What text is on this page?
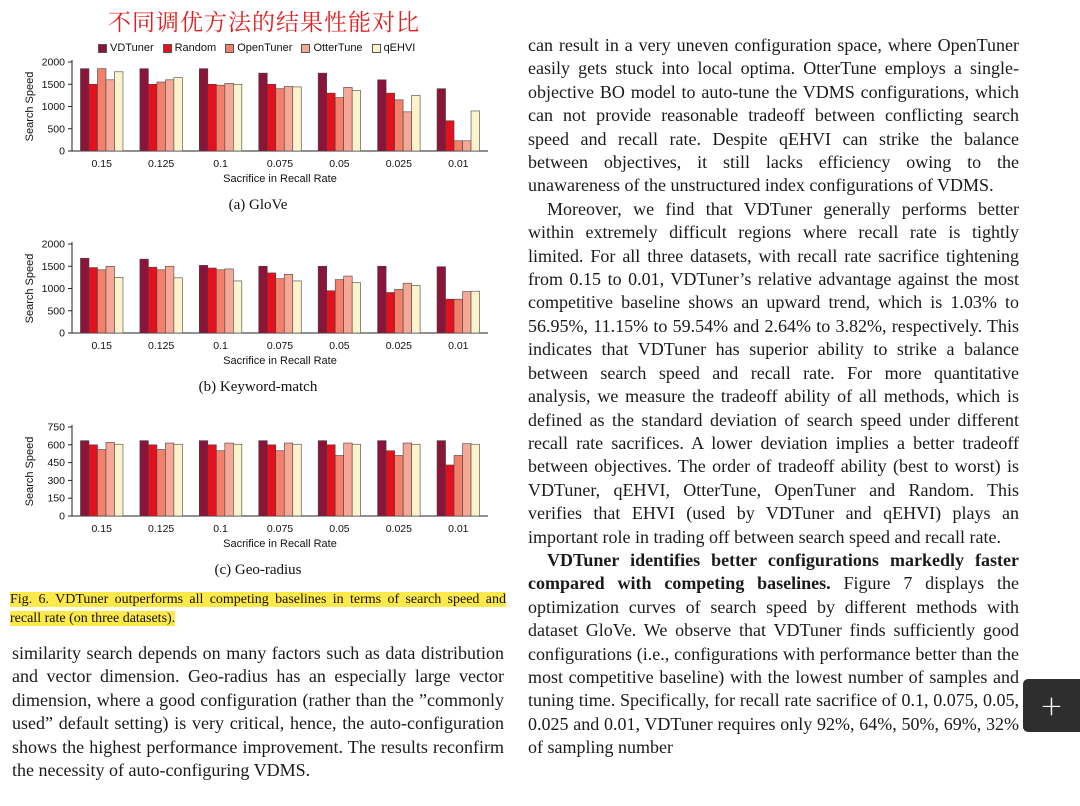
不同调优方法的结果性能对比
VDTuner Random OpenTuner OtterTune qEHVI
0
500
1000
1500
2000
0.15	0.125	0.1	0.075	0.05	0.025	0.01
Sacrifice in Recall Rate
Search Speed
(a) GloVe
0
500
1000
1500
2000
0.15	0.125	0.1	0.075	0.05	0.025	0.01
Sacrifice in Recall Rate
Search Speed
(b) Keyword-match
0
150
300
450
600
750
0.15	0.125	0.1	0.075	0.05	0.025	0.01
Sacrifice in Recall Rate
Search Speed
(c) Geo-radius
Fig. 6. VDTuner outperforms all competing baselines in terms of search speed and recall rate (on three datasets).

similarity search depends on many factors such as data distribution and vector dimension. Geo-radius has an especially large vector dimension, where a good configuration (rather than the ”commonly used” default setting) is very critical, hence, the auto-configuration shows the highest performance improvement. The results reconfirm the necessity of auto-configuring VDMS.

can result in a very uneven configuration space, where OpenTuner easily gets stuck into local optima. OtterTune employs a single-objective BO model to auto-tune the VDMS configurations, which can not provide reasonable tradeoff between conflicting search speed and recall rate. Despite qEHVI can strike the balance between objectives, it still lacks efficiency owing to the unawareness of the unstructured index configurations of VDMS.

Moreover, we find that VDTuner generally performs better within extremely difficult regions where recall rate is tightly limited. For all three datasets, with recall rate sacrifice tightening from 0.15 to 0.01, VDTuner’s relative advantage against the most competitive baseline shows an upward trend, which is 1.03% to 56.95%, 11.15% to 59.54% and 2.64% to 3.82%, respectively. This indicates that VDTuner has superior ability to strike a balance between search speed and recall rate. For more quantitative analysis, we measure the tradeoff ability of all methods, which is defined as the standard deviation of search speed under different recall rate sacrifices. A lower deviation implies a better tradeoff between objectives. The order of tradeoff ability (best to worst) is VDTuner, qEHVI, OtterTune, OpenTuner and Random. This verifies that EHVI (used by VDTuner and qEHVI) plays an important role in trading off between search speed and recall rate.

VDTuner identifies better configurations markedly faster compared with competing baselines. Figure 7 displays the optimization curves of search speed by different methods with dataset GloVe. We observe that VDTuner finds sufficiently good configurations (i.e., configurations with performance better than the most competitive baseline) with the lowest number of samples and tuning time. Specifically, for recall rate sacrifice of 0.1, 0.075, 0.05, 0.025 and 0.01, VDTuner requires only 92%, 64%, 50%, 69%, 32% of sampling number

+
